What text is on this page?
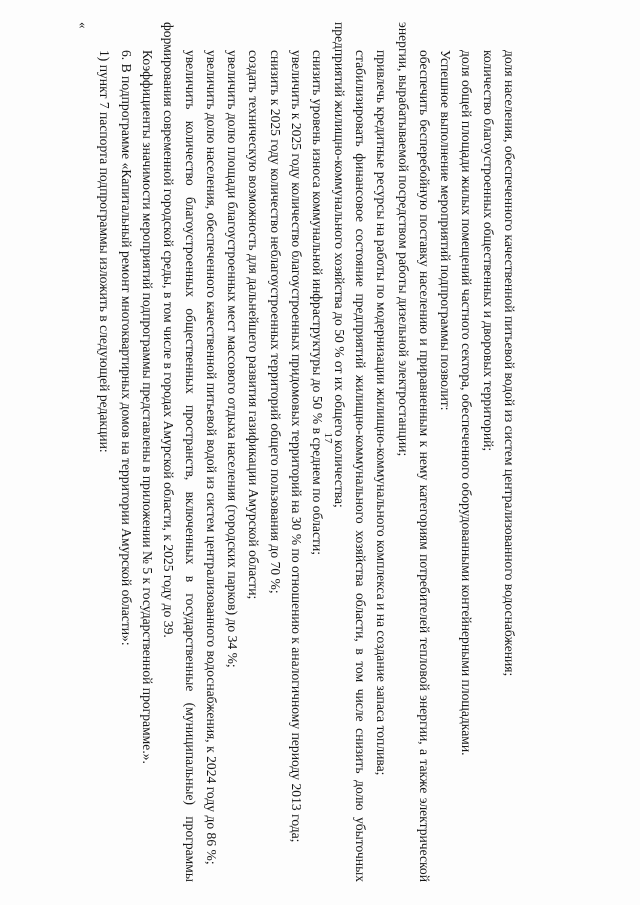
17	доля населения, обеспеченного качественной питьевой водой из систем централизованного водоснабжения;

количество благоустроенных общественных и дворовых территорий;

доля общей площади жилых помещений частного сектора, обеспеченного оборудованными контейнерными площадками.

Успешное выполнение мероприятий подпрограммы позволит:

обеспечить бесперебойную поставку населению и приравненным к нему категориям потребителей тепловой энергии, а также электрической энергии, вырабатываемой посредством работы дизельной электростанции;

привлечь кредитные ресурсы на работы по модернизации жилищно-коммунального комплекса и на создание запаса топлива;

стабилизировать финансовое состояние предприятий жилищно-коммунального хозяйства области, в том числе снизить долю убыточных предприятий жилищно-коммунального хозяйства до 50 % от их общего количества;

снизить уровень износа коммунальной инфраструктуры до 50 % в среднем по области;

увеличить к 2025 году количество благоустроенных придомовых территорий на 30 % по отношению к аналогичному периоду 2013 года;

снизить к 2025 году количество неблагоустроенных территорий общего пользования до 70 %;

создать техническую возможность для дальнейшего развития газификации Амурской области;

увеличить долю площади благоустроенных мест массового отдыха населения (городских парков) до 34 %;

увеличить долю населения, обеспеченного качественной питьевой водой из систем централизованного водоснабжения, к 2024 году до 86 %;

увеличить количество благоустроенных общественных пространств, включенных в государственные (муниципальные) программы формирования современной городской среды, в том числе в городах Амурской области, к 2025 году до 39.

Коэффициенты значимости мероприятий подпрограммы представлены в приложении № 5 к государственной программе.».

6. В подпрограмме «Капитальный ремонт многоквартирных домов на территории Амурской области»:

1) пункт 7 паспорта подпрограммы изложить в следующей редакции:

«
